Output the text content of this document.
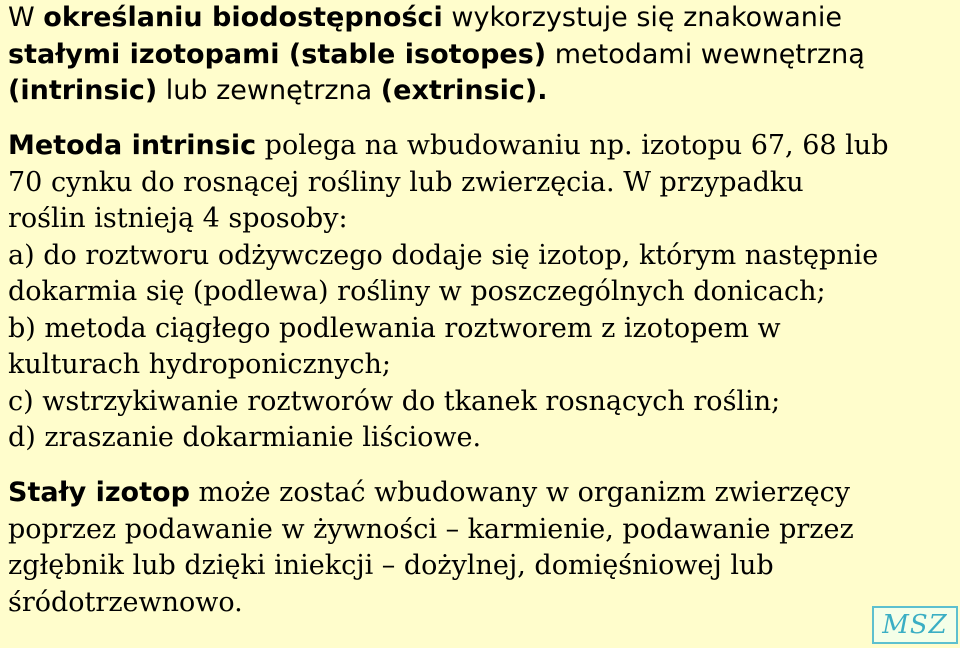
W określaniu biodostępności wykorzystuje się znakowanie
stałymi izotopami (stable isotopes) metodami wewnętrzną
(intrinsic) lub zewnętrzna (extrinsic).

Metoda intrinsic polega na wbudowaniu np. izotopu 67, 68 lub
70 cynku do rosnącej rośliny lub zwierzęcia. W przypadku
roślin istnieją 4 sposoby:
a) do roztworu odżywczego dodaje się izotop, którym następnie
dokarmia się (podlewa) rośliny w poszczególnych donicach;
b) metoda ciągłego podlewania roztworem z izotopem w
kulturach hydroponicznych;
c) wstrzykiwanie roztworów do tkanek rosnących roślin;
d) zraszanie dokarmianie liściowe.

Stały izotop może zostać wbudowany w organizm zwierzęcy
poprzez podawanie w żywności – karmienie, podawanie przez
zgłębnik lub dzięki iniekcji – dożylnej, domięśniowej lub
śródotrzewnowo.

MSZ
